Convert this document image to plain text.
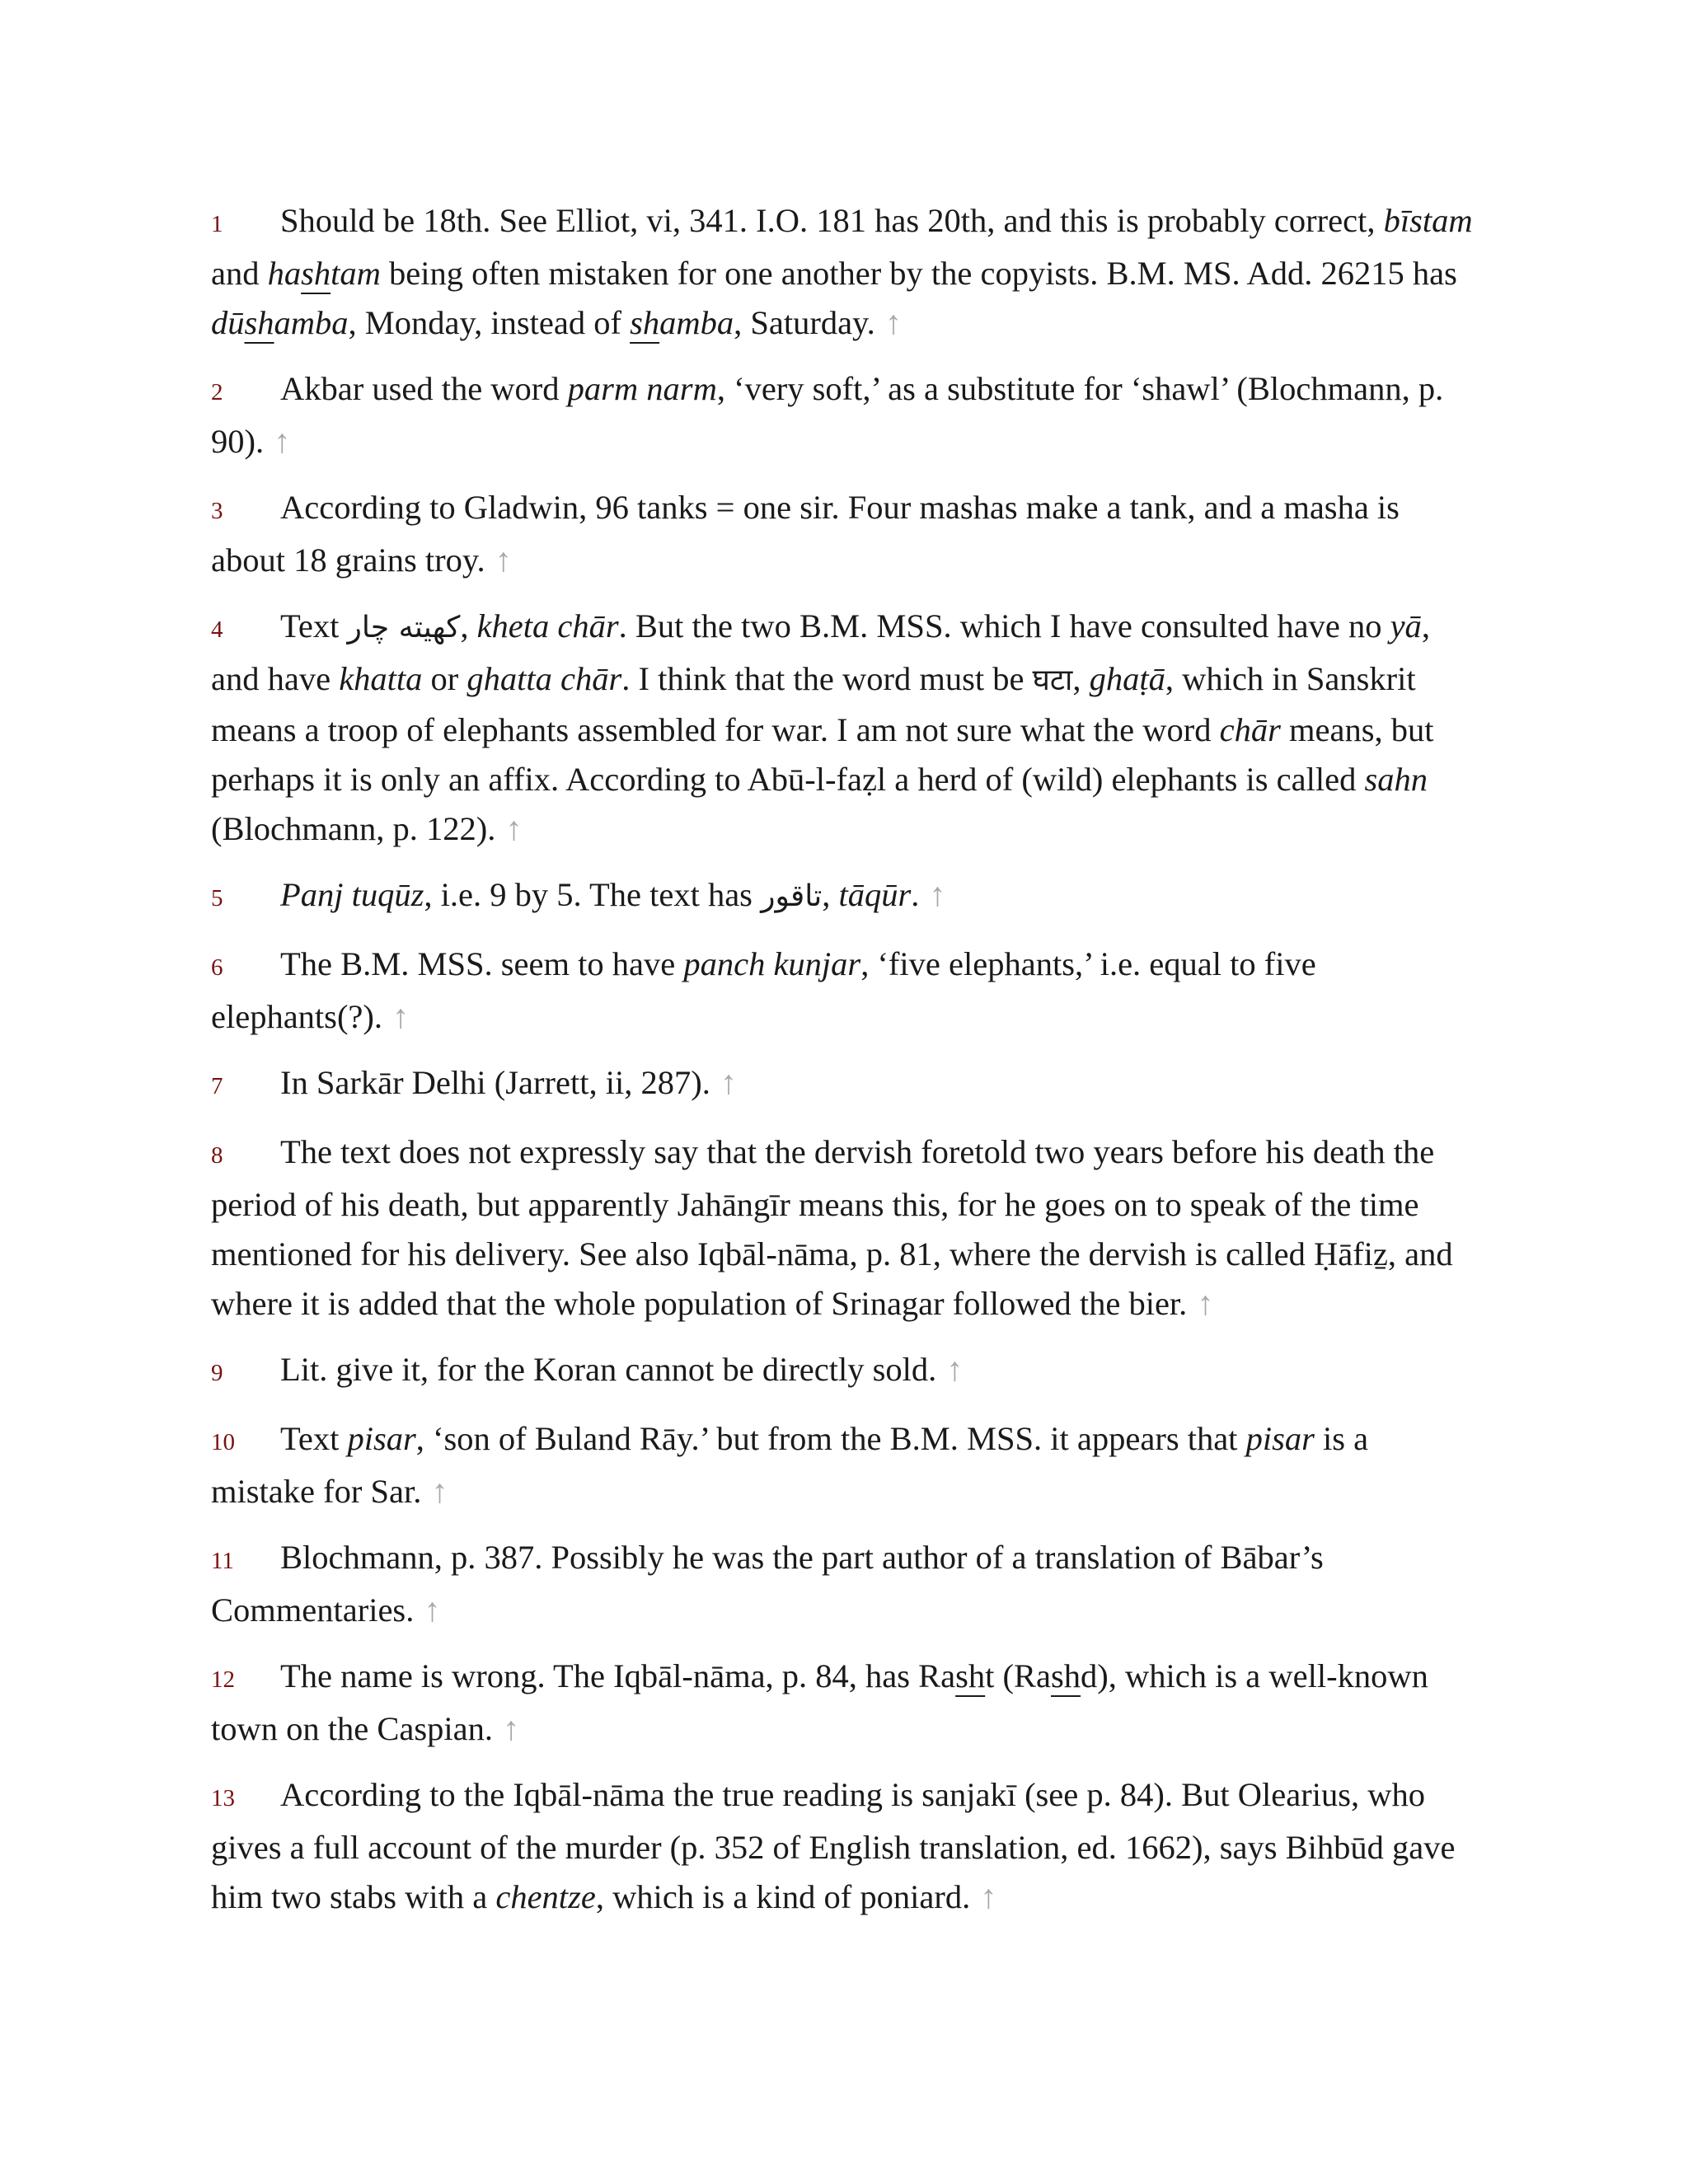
1 Should be 18th. See Elliot, vi, 341. I.O. 181 has 20th, and this is probably correct, bīstam and hashtam being often mistaken for one another by the copyists. B.M. MS. Add. 26215 has dūshamba, Monday, instead of shamba, Saturday. ↑

2 Akbar used the word parm narm, ‘very soft,’ as a substitute for ‘shawl’ (Blochmann, p. 90). ↑

3 According to Gladwin, 96 tanks = one sir. Four mashas make a tank, and a masha is about 18 grains troy. ↑

4 Text کھیته چار, kheta chār. But the two B.M. MSS. which I have consulted have no yā, and have khatta or ghatta chār. I think that the word must be घटा, ghaṭā, which in Sanskrit means a troop of elephants assembled for war. I am not sure what the word chār means, but perhaps it is only an affix. According to Abū-l-faẓl a herd of (wild) elephants is called sahn (Blochmann, p. 122). ↑

5 Panj tuqūz, i.e. 9 by 5. The text has تاقور, tāqūr. ↑

6 The B.M. MSS. seem to have panch kunjar, ‘five elephants,’ i.e. equal to five elephants(?). ↑

7 In Sarkār Delhi (Jarrett, ii, 287). ↑

8 The text does not expressly say that the dervish foretold two years before his death the period of his death, but apparently Jahāngīr means this, for he goes on to speak of the time mentioned for his delivery. See also Iqbāl-nāma, p. 81, where the dervish is called Ḥāfiẕ, and where it is added that the whole population of Srinagar followed the bier. ↑

9 Lit. give it, for the Koran cannot be directly sold. ↑

10 Text pisar, ‘son of Buland Rāy.’ but from the B.M. MSS. it appears that pisar is a mistake for Sar. ↑

11 Blochmann, p. 387. Possibly he was the part author of a translation of Bābar’s Commentaries. ↑

12 The name is wrong. The Iqbāl-nāma, p. 84, has Rasht (Rashd), which is a well-known town on the Caspian. ↑

13 According to the Iqbāl-nāma the true reading is sanjakī (see p. 84). But Olearius, who gives a full account of the murder (p. 352 of English translation, ed. 1662), says Bihbūd gave him two stabs with a chentze, which is a kind of poniard. ↑
